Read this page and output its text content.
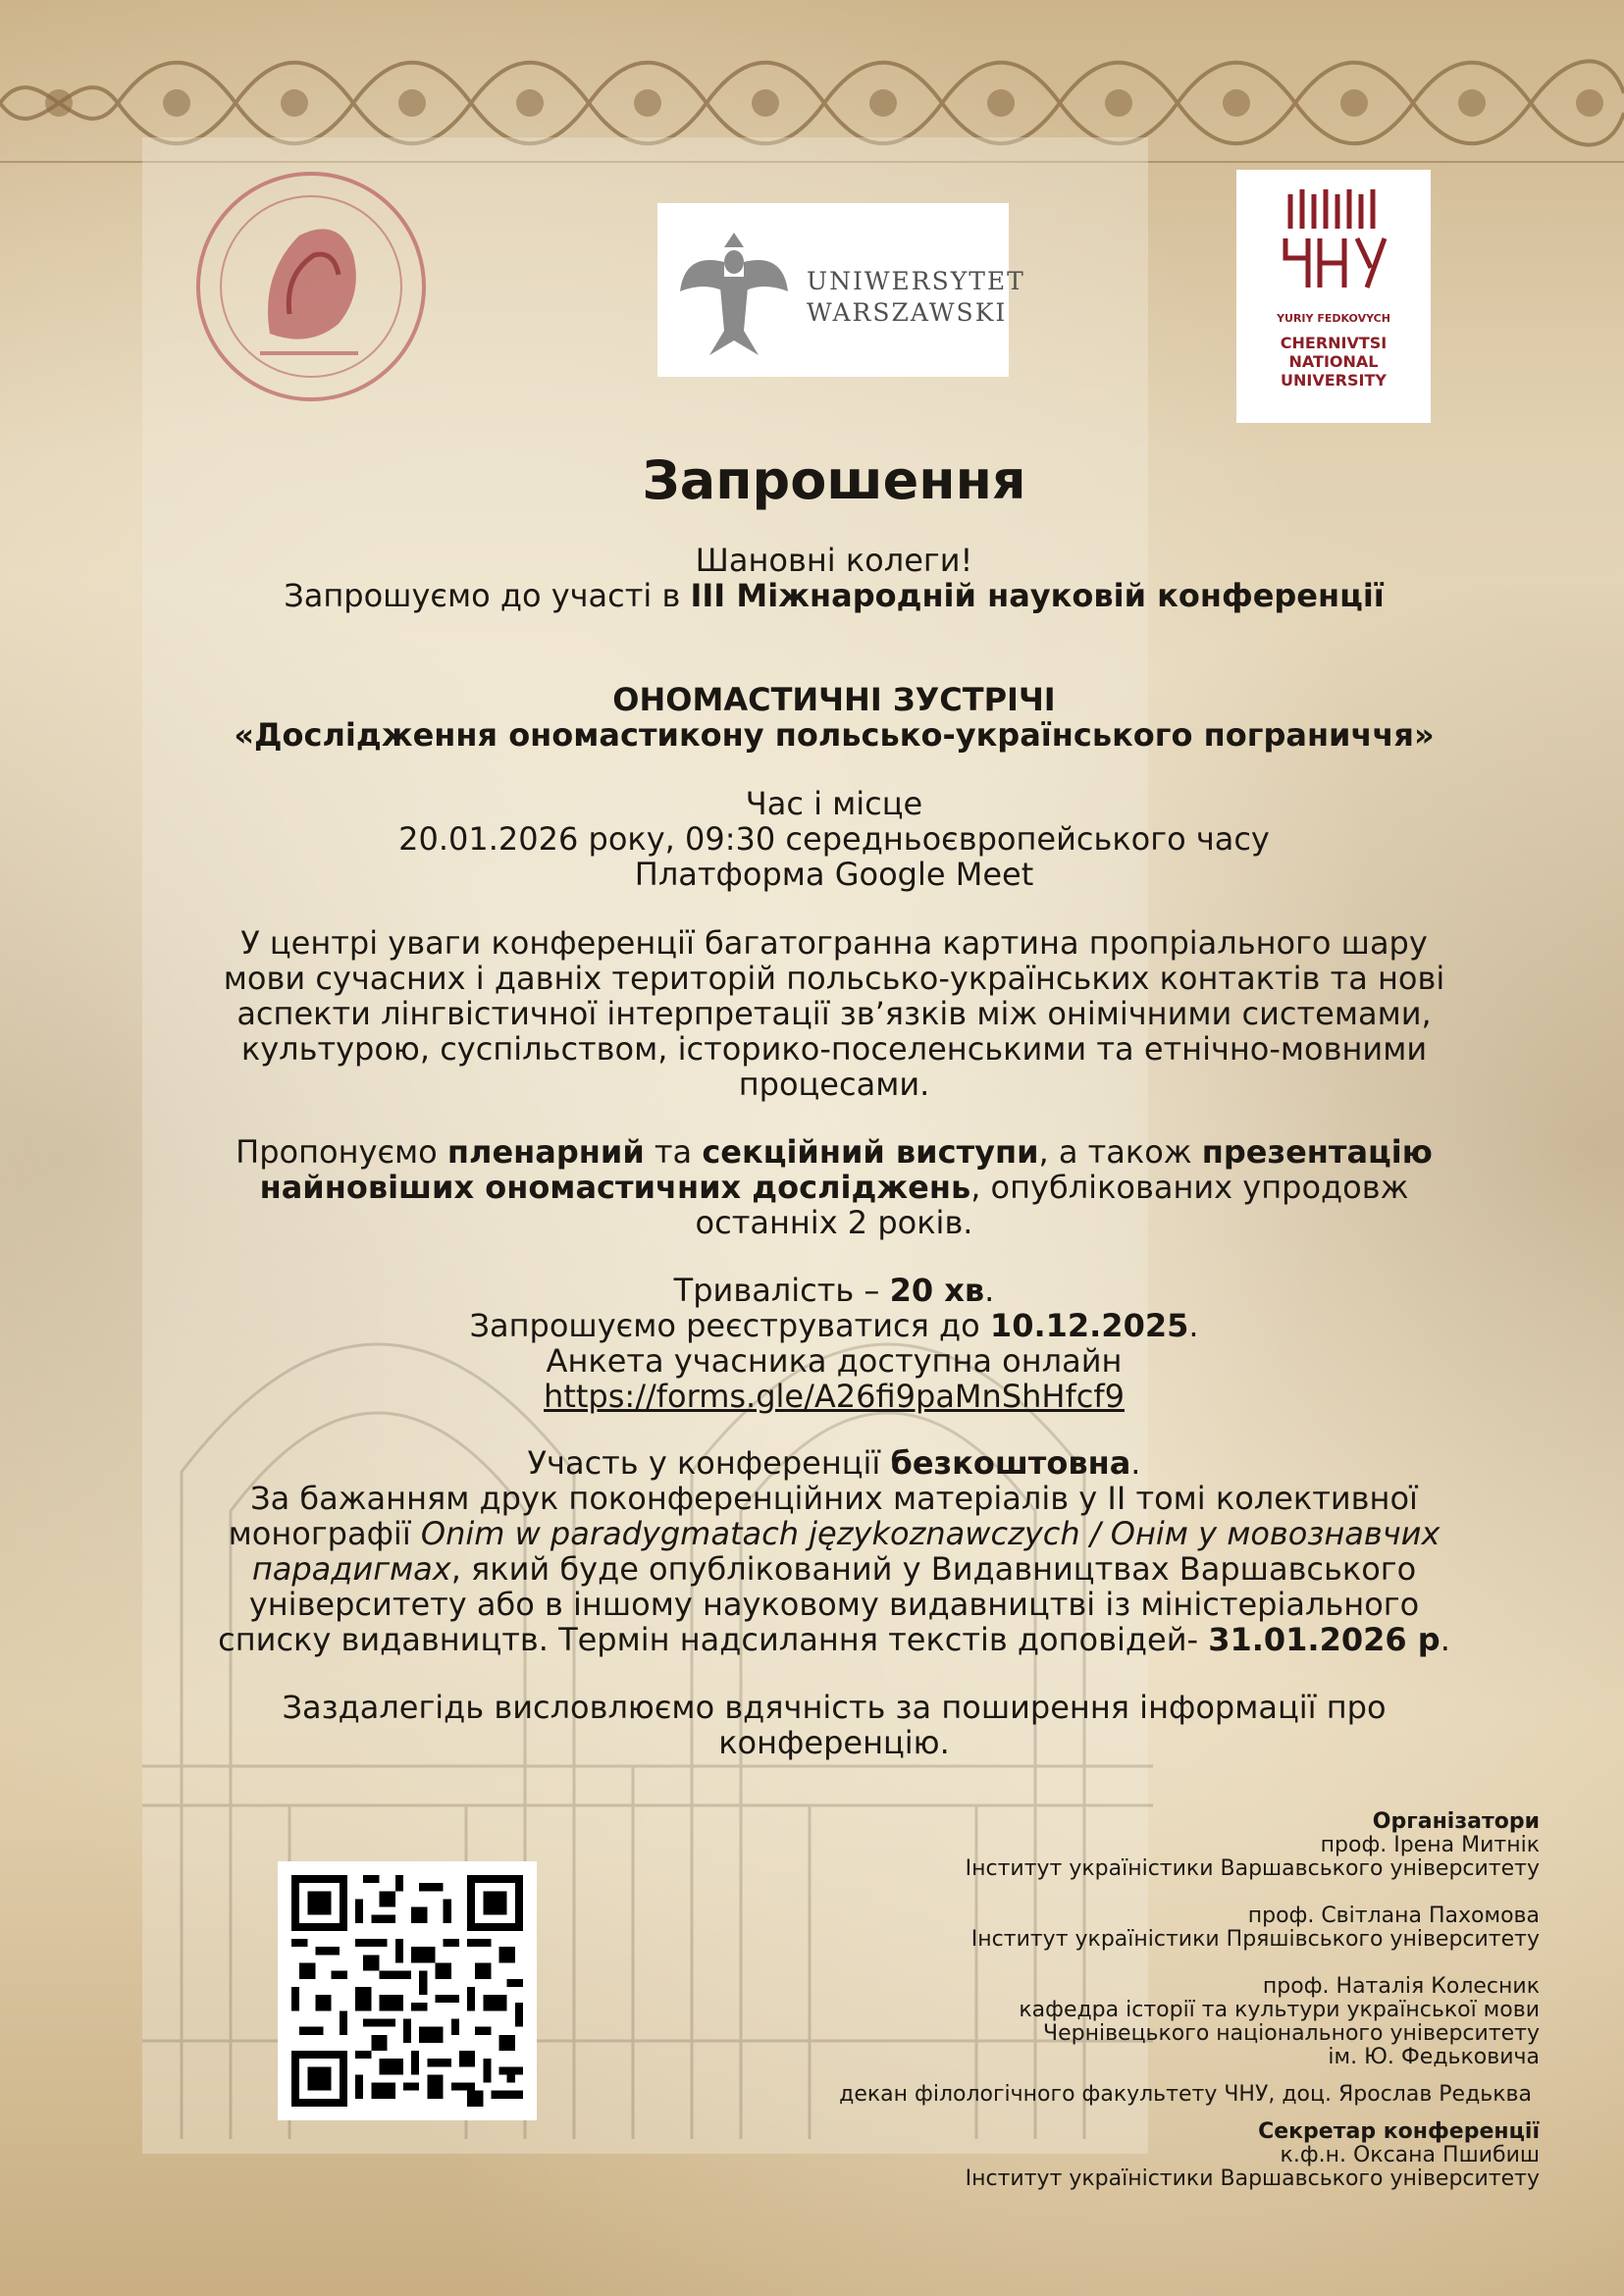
UNIWERSYTET
WARSZAWSKI	YURIY FEDKOVYCH
CHERNIVTSI
NATIONAL
UNIVERSITY
Запрошення
Шановні колеги!
Запрошуємо до участі в III Міжнародній науковій конференції
ОНОМАСТИЧНІ ЗУСТРІЧІ
«Дослідження ономастикону польсько-українського пограниччя»
Час і місце
20.01.2026 року, 09:30 середньоєвропейського часу
Платформа Google Meet
У центрі уваги конференції багатогранна картина пропріального шару
мови сучасних і давніх територій польсько-українських контактів та нові
аспекти лінгвістичної інтерпретації зв’язків між онімічними системами,
культурою, суспільством, історико-поселенськими та етнічно-мовними
процесами.
Пропонуємо пленарний та секційний виступи, а також презентацію
найновіших ономастичних досліджень, опублікованих упродовж
останніх 2 років.
Тривалість – 20 хв.
Запрошуємо реєструватися до 10.12.2025.
Анкета учасника доступна онлайн
https://forms.gle/A26fi9paMnShHfcf9
Участь у конференції безкоштовна.
За бажанням друк поконференційних матеріалів у ІІ томі колективної
монографії Onim w paradygmatach językoznawczych / Онім у мовознавчих
парадигмах, який буде опублікований у Видавництвах Варшавського
університету або в іншому науковому видавництві із міністеріального
списку видавництв. Термін надсилання текстів доповідей- 31.01.2026 р.
Заздалегідь висловлюємо вдячність за поширення інформації про
конференцію.
Організатори
проф. Ірена Митнік
Інститут україністики Варшавського університету
проф. Світлана Пахомова
Інститут україністики Пряшівського університету
проф. Наталія Колесник
кафедра історії та культури української мови
Чернівецького національного університету
ім. Ю. Федьковича
декан філологічного факультету ЧНУ, доц. Ярослав Редьква
Секретар конференції
к.ф.н. Оксана Пшибиш
Інститут україністики Варшавського університету
